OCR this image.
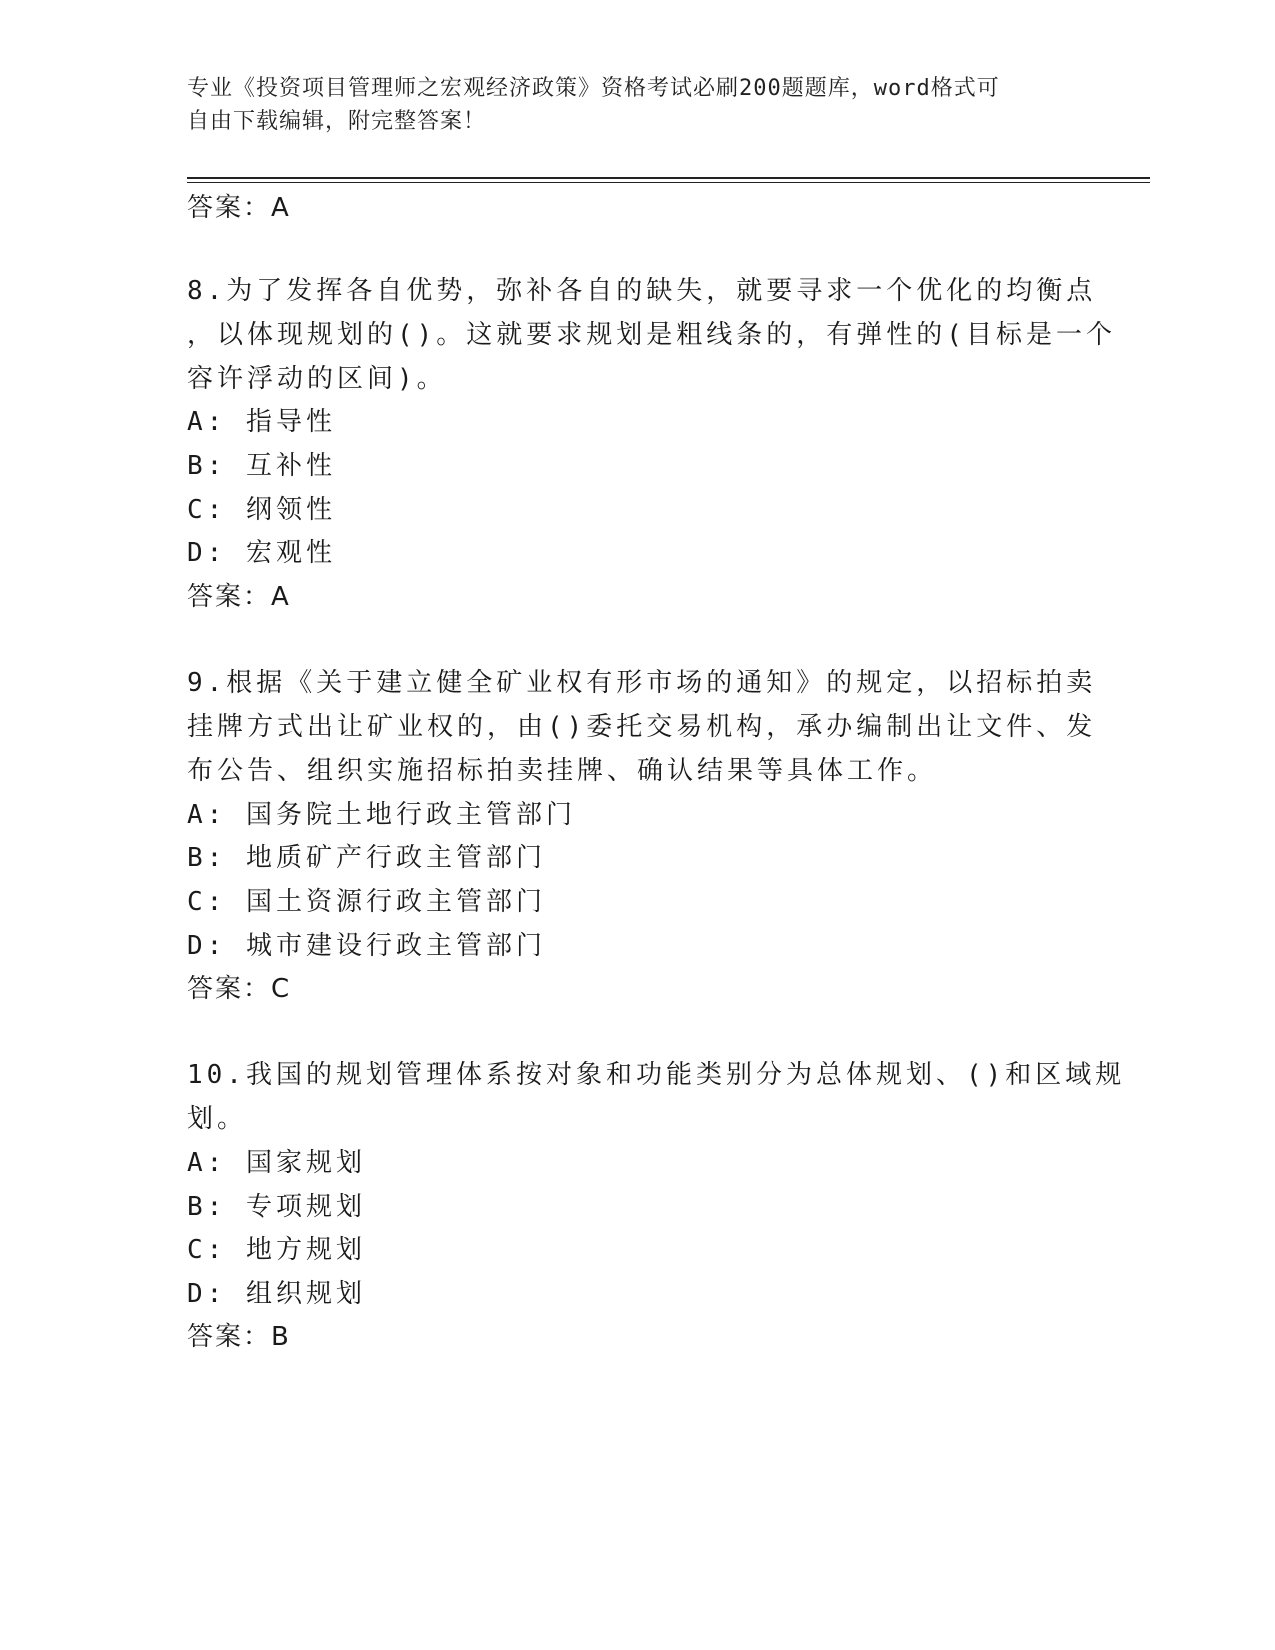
专业《投资项目管理师之宏观经济政策》资格考试必刷200题题库，word格式可
自由下载编辑，附完整答案！
答案：A
8.为了发挥各自优势，弥补各自的缺失，就要寻求一个优化的均衡点
，以体现规划的()。这就要求规划是粗线条的，有弹性的(目标是一个
容许浮动的区间)。
A: 指导性
B: 互补性
C: 纲领性
D: 宏观性
答案：A
9.根据《关于建立健全矿业权有形市场的通知》的规定，以招标拍卖
挂牌方式出让矿业权的，由()委托交易机构，承办编制出让文件、发
布公告、组织实施招标拍卖挂牌、确认结果等具体工作。
A: 国务院土地行政主管部门
B: 地质矿产行政主管部门
C: 国土资源行政主管部门
D: 城市建设行政主管部门
答案：C
10.我国的规划管理体系按对象和功能类别分为总体规划、()和区域规
划。
A: 国家规划
B: 专项规划
C: 地方规划
D: 组织规划
答案：B
